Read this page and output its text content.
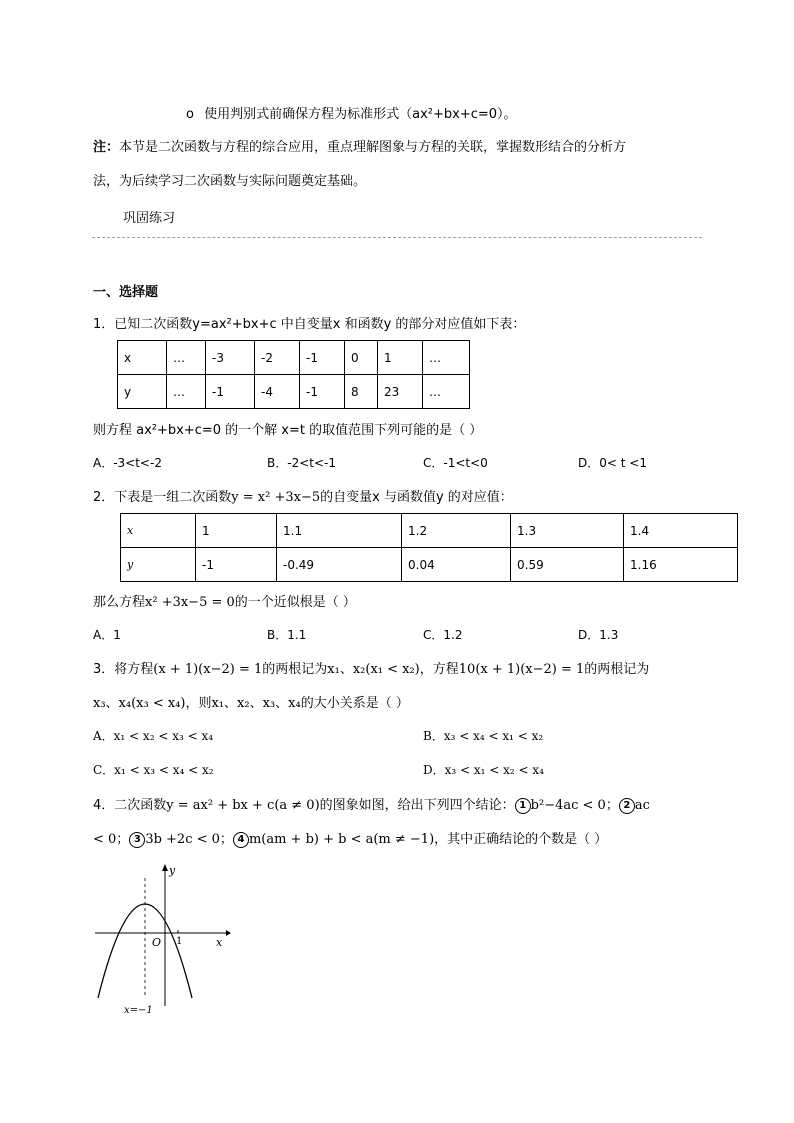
o 使用判别式前确保方程为标准形式（ax²+bx+c=0）。
注：本节是二次函数与方程的综合应用，重点理解图象与方程的关联，掌握数形结合的分析方
法，为后续学习二次函数与实际问题奠定基础。
巩固练习
一、选择题
1．已知二次函数y=ax²+bx+c 中自变量x 和函数y 的部分对应值如下表：
x	…	-3	-2	-1	0	1	…
y	…	-1	-4	-1	8	23	…
则方程 ax²+bx+c=0 的一个解 x=t 的取值范围下列可能的是（ ）
A．-3<t<-2	B．-2<t<-1	C．-1<t<0	D．0< t <1
2．下表是一组二次函数y = x² +3x−5的自变量x 与函数值y 的对应值：
x	1	1.1	1.2	1.3	1.4
y	-1	-0.49	0.04	0.59	1.16
那么方程x² +3x−5 = 0的一个近似根是（ ）
A．1	B．1.1	C．1.2	D．1.3
3．将方程(x + 1)(x−2) = 1的两根记为x₁、x₂(x₁ < x₂)，方程10(x + 1)(x−2) = 1的两根记为
x₃、x₄(x₃ < x₄)，则x₁、x₂、x₃、x₄的大小关系是（ ）
A．x₁ < x₂ < x₃ < x₄	B．x₃ < x₄ < x₁ < x₂
C．x₁ < x₃ < x₄ < x₂	D．x₃ < x₁ < x₂ < x₄
4．二次函数y = ax² + bx + c(a ≠ 0)的图象如图，给出下列四个结论： 1 b²−4ac < 0； 2 ac
< 0； 3 3b +2c < 0； 4 m(am + b) + b < a(m ≠ −1)，其中正确结论的个数是（ ）
y
x
O 1
x=−1
